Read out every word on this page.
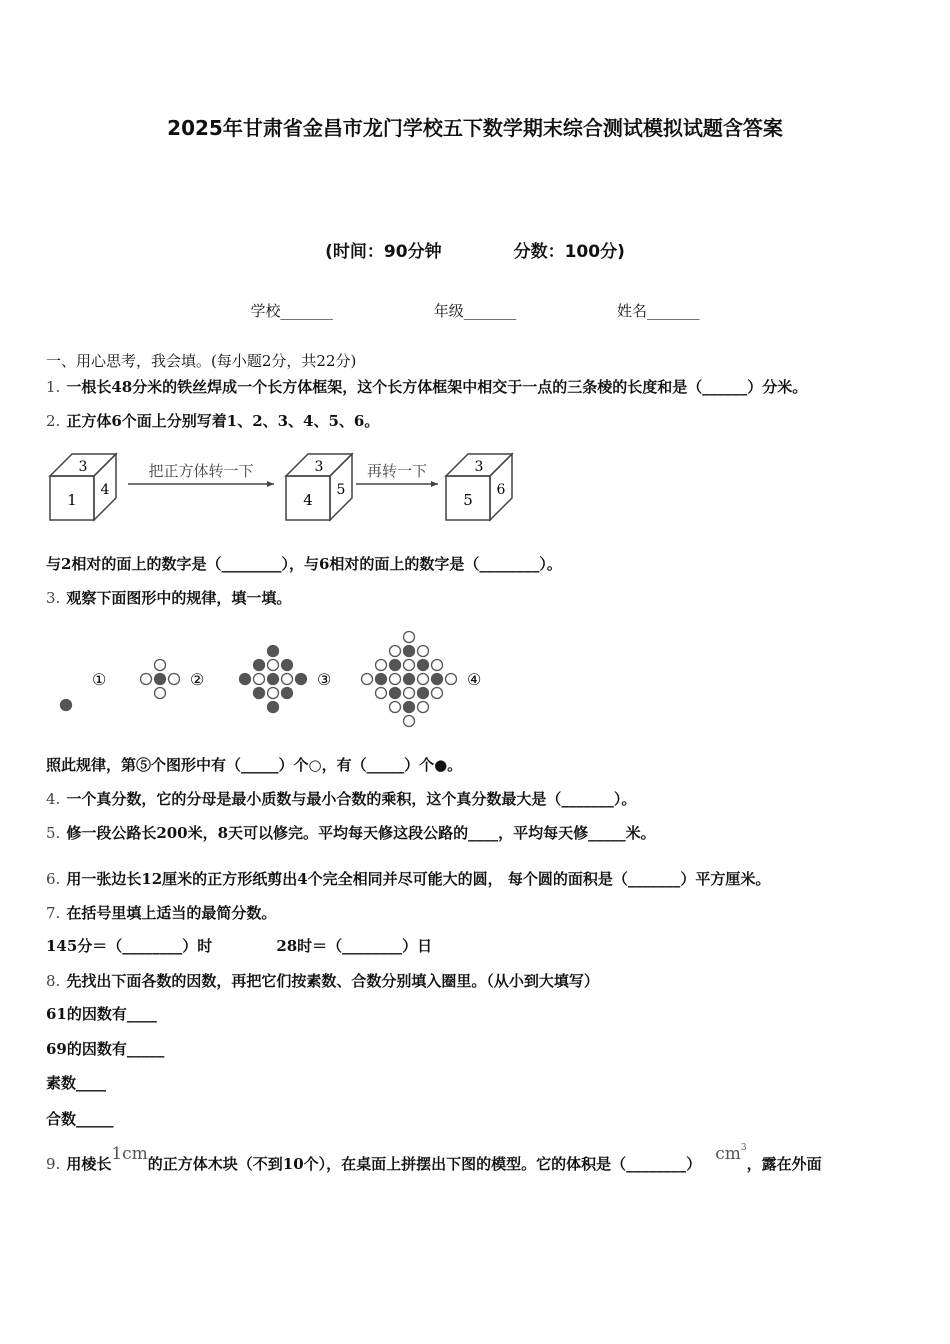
2025年甘肃省金昌市龙门学校五下数学期末综合测试模拟试题含答案
(时间：90分钟	分数：100分)
学校_______	年级_______	姓名_______
一、用心思考，我会填。(每小题2分，共22分)
1. 一根长48分米的铁丝焊成一个长方体框架，这个长方体框架中相交于一点的三条棱的长度和是（______）分米。
2. 正方体6个面上分别写着1、2、3、4、5、6。
3
4
1
把正方体转一下	3
5
4
再转一下	3
6
5
与2相对的面上的数字是（________），与6相对的面上的数字是（________）。
3. 观察下面图形中的规律，填一填。
①	②	③	④
照此规律，第⑤个图形中有（_____）个○，有（_____）个●。
4. 一个真分数，它的分母是最小质数与最小合数的乘积，这个真分数最大是（_______）。
5. 修一段公路长200米，8天可以修完。平均每天修这段公路的____，平均每天修_____米。
6. 用一张边长12厘米的正方形纸剪出4个完全相同并尽可能大的圆， 每个圆的面积是（_______）平方厘米。
7. 在括号里填上适当的最简分数。
145分＝（________）时	28时＝（________）日
8. 先找出下面各数的因数，再把它们按素数、合数分别填入圈里。（从小到大填写）
61的因数有____
69的因数有_____
素数____
合数_____
9. 用棱长1cm的正方体木块（不到10个），在桌面上拼摆出下图的模型。它的体积是（________） $cm^3$，露在外面
